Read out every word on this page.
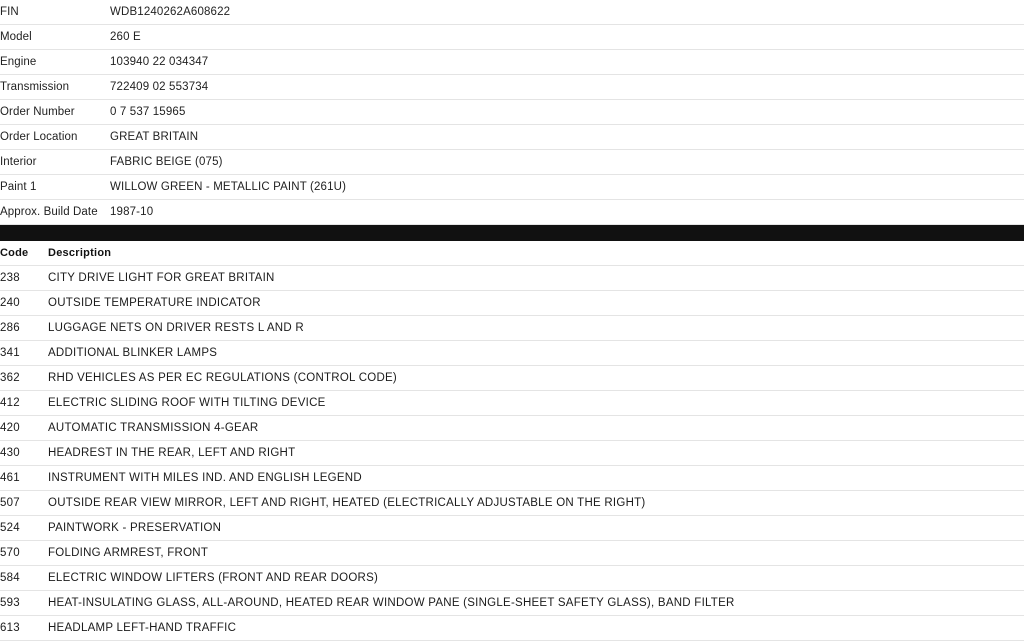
FIN	WDB1240262A608622
Model	260 E
Engine	103940 22 034347
Transmission	722409 02 553734
Order Number	0 7 537 15965
Order Location	GREAT BRITAIN
Interior	FABRIC BEIGE (075)
Paint 1	WILLOW GREEN - METALLIC PAINT (261U)
Approx. Build Date	1987-10
Code	Description
238	CITY DRIVE LIGHT FOR GREAT BRITAIN
240	OUTSIDE TEMPERATURE INDICATOR
286	LUGGAGE NETS ON DRIVER RESTS L AND R
341	ADDITIONAL BLINKER LAMPS
362	RHD VEHICLES AS PER EC REGULATIONS (CONTROL CODE)
412	ELECTRIC SLIDING ROOF WITH TILTING DEVICE
420	AUTOMATIC TRANSMISSION 4-GEAR
430	HEADREST IN THE REAR, LEFT AND RIGHT
461	INSTRUMENT WITH MILES IND. AND ENGLISH LEGEND
507	OUTSIDE REAR VIEW MIRROR, LEFT AND RIGHT, HEATED (ELECTRICALLY ADJUSTABLE ON THE RIGHT)
524	PAINTWORK - PRESERVATION
570	FOLDING ARMREST, FRONT
584	ELECTRIC WINDOW LIFTERS (FRONT AND REAR DOORS)
593	HEAT-INSULATING GLASS, ALL-AROUND, HEATED REAR WINDOW PANE (SINGLE-SHEET SAFETY GLASS), BAND FILTER
613	HEADLAMP LEFT-HAND TRAFFIC
